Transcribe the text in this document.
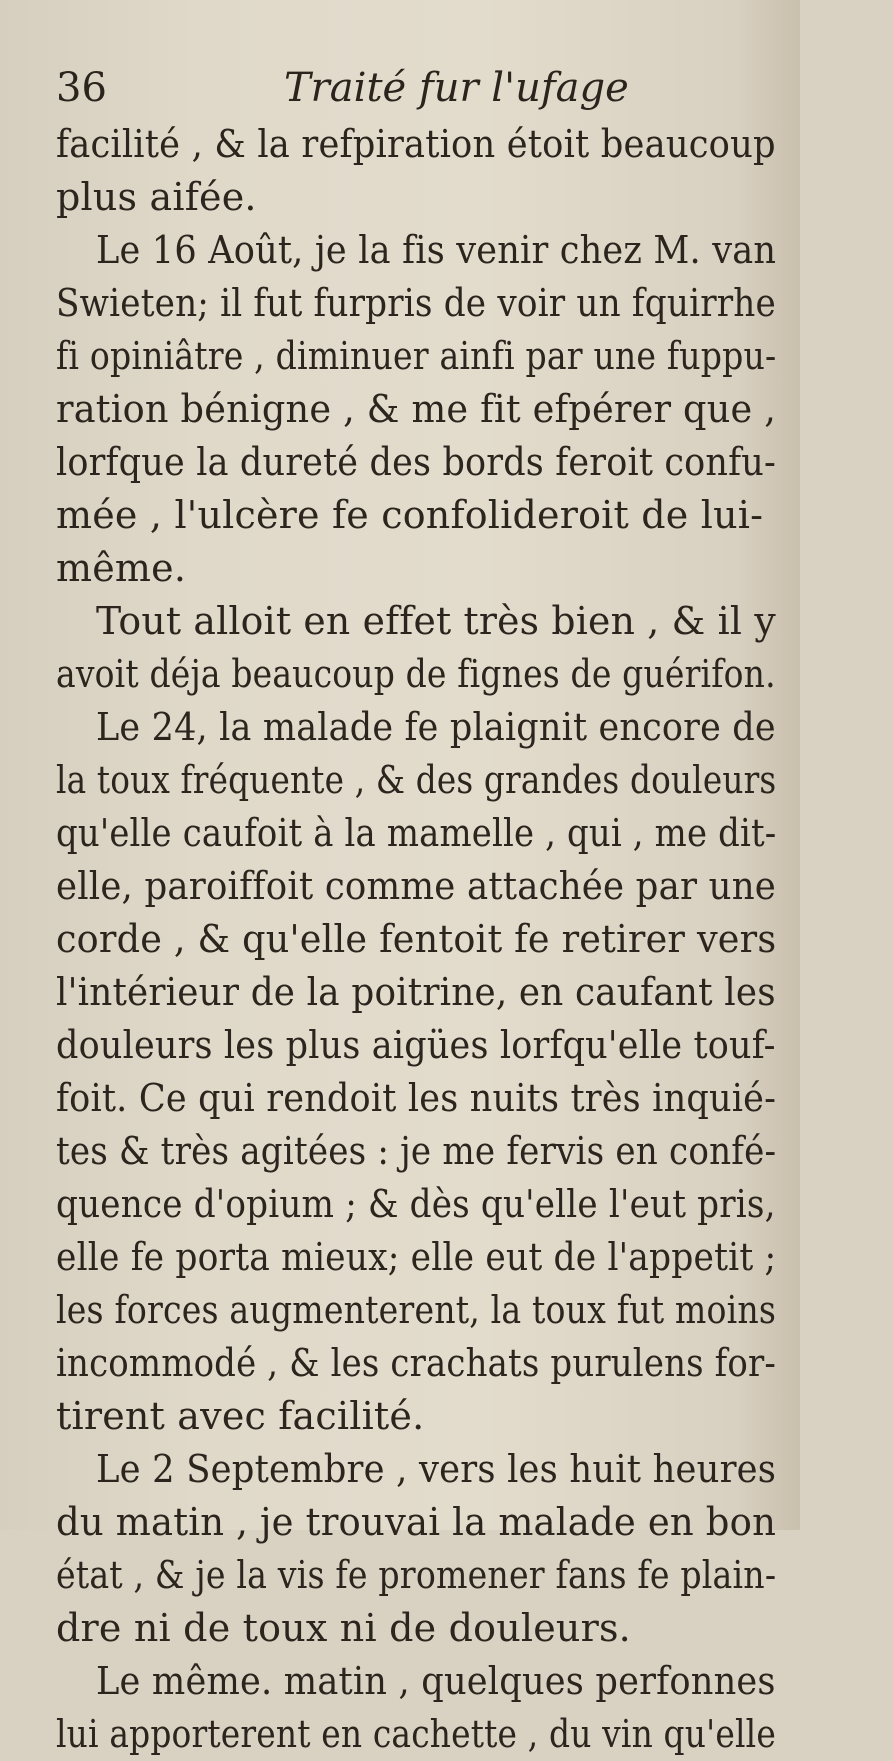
36	Traité fur l'ufage
facilité , & la refpiration étoit beaucoup
plus aifée.
Le 16 Août, je la fis venir chez M. van
Swieten; il fut furpris de voir un fquirrhe
fi opiniâtre , diminuer ainfi par une fuppu-
ration bénigne , & me fit efpérer que ,
lorfque la dureté des bords feroit confu-
mée , l'ulcère fe confolideroit de lui-
même.
Tout alloit en effet très bien , & il y
avoit déja beaucoup de fignes de guérifon.
Le 24, la malade fe plaignit encore de
la toux fréquente , & des grandes douleurs
qu'elle caufoit à la mamelle , qui , me dit-
elle, paroiffoit comme attachée par une
corde , & qu'elle fentoit fe retirer vers
l'intérieur de la poitrine, en caufant les
douleurs les plus aigües lorfqu'elle touf-
foit. Ce qui rendoit les nuits très inquié-
tes & très agitées : je me fervis en confé-
quence d'opium ; & dès qu'elle l'eut pris,
elle fe porta mieux; elle eut de l'appetit ;
les forces augmenterent, la toux fut moins
incommodé , & les crachats purulens for-
tirent avec facilité.
Le 2 Septembre , vers les huit heures
du matin , je trouvai la malade en bon
état , & je la vis fe promener fans fe plain-
dre ni de toux ni de douleurs.
Le même. matin , quelques perfonnes
lui apporterent en cachette , du vin qu'elle
